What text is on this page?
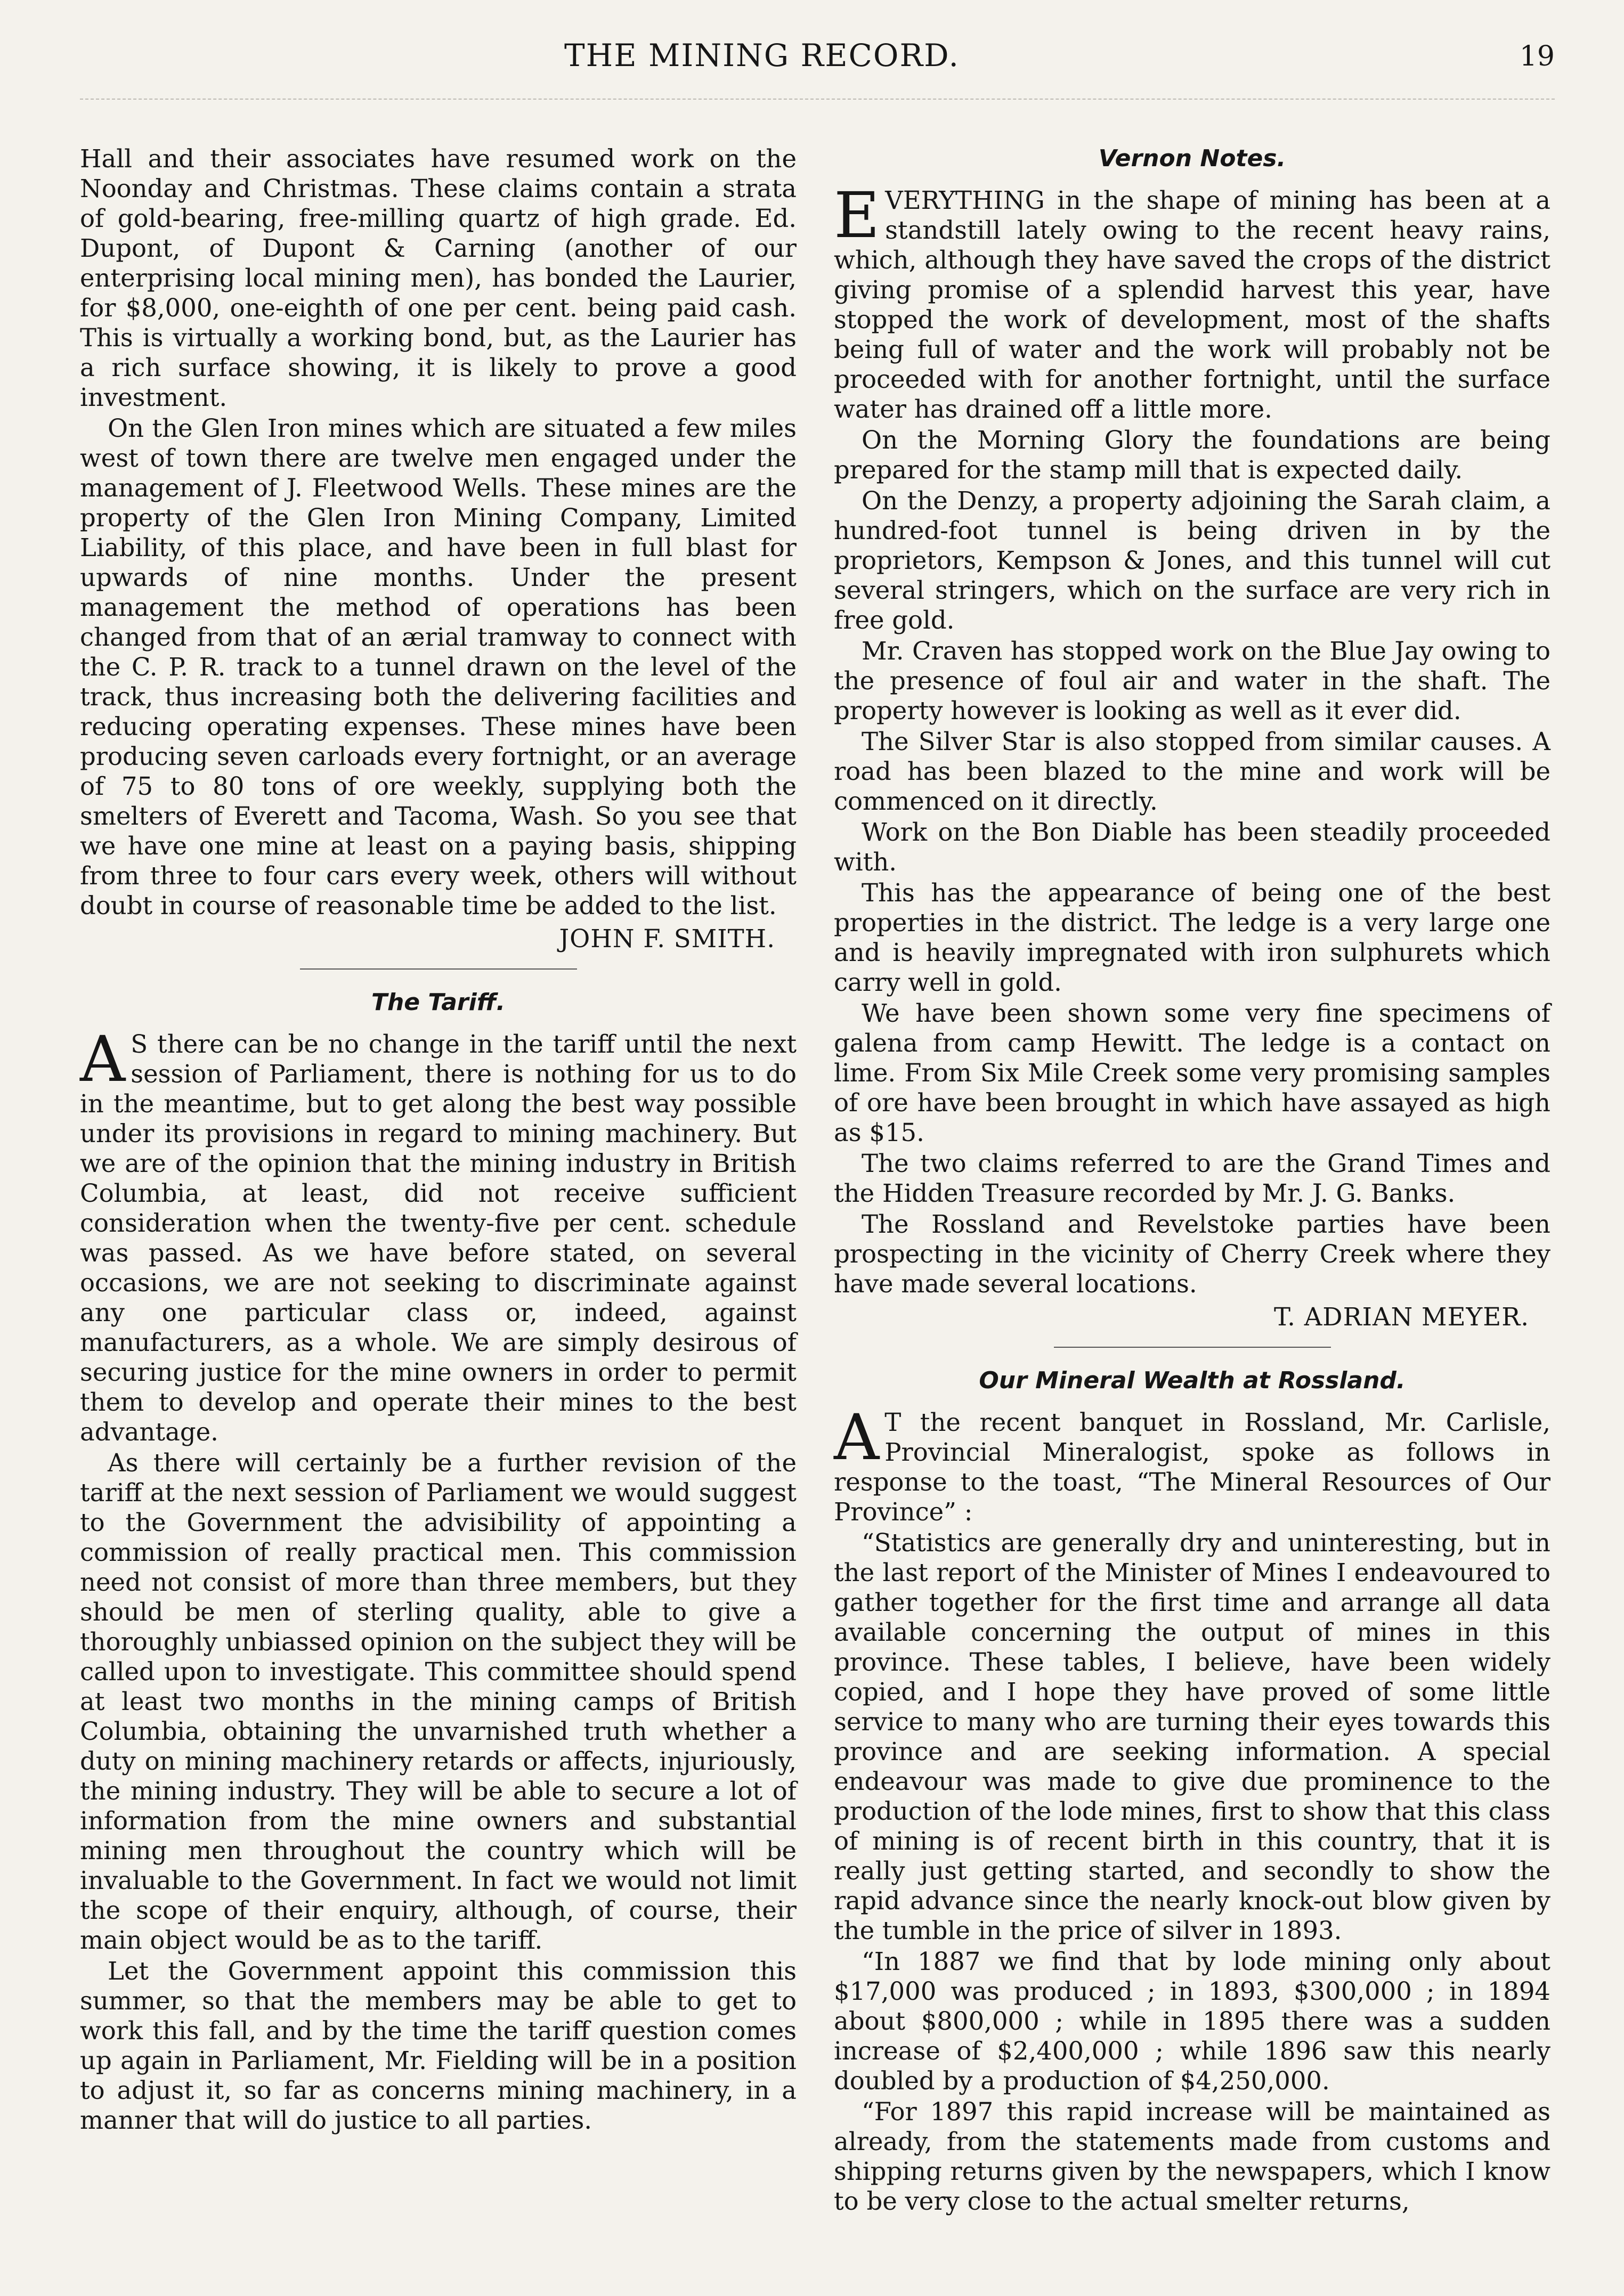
THE MINING RECORD.	19

Hall and their associates have resumed work on the Noonday and Christmas. These claims contain a strata of gold-bearing, free-milling quartz of high grade. Ed. Dupont, of Dupont & Carning (another of our enterprising local mining men), has bonded the Laurier, for $8,000, one-eighth of one per cent. being paid cash. This is virtually a working bond, but, as the Laurier has a rich surface showing, it is likely to prove a good investment.

On the Glen Iron mines which are situated a few miles west of town there are twelve men engaged under the management of J. Fleetwood Wells. These mines are the property of the Glen Iron Mining Company, Limited Liability, of this place, and have been in full blast for upwards of nine months. Under the present management the method of operations has been changed from that of an ærial tramway to connect with the C. P. R. track to a tunnel drawn on the level of the track, thus increasing both the delivering facilities and reducing operating expenses. These mines have been producing seven carloads every fortnight, or an average of 75 to 80 tons of ore weekly, supplying both the smelters of Everett and Tacoma, Wash. So you see that we have one mine at least on a paying basis, shipping from three to four cars every week, others will without doubt in course of reasonable time be added to the list.

JOHN F. SMITH.

The Tariff.

A S there can be no change in the tariff until the next session of Parliament, there is nothing for us to do in the meantime, but to get along the best way possible under its provisions in regard to mining machinery. But we are of the opinion that the mining industry in British Columbia, at least, did not receive sufficient consideration when the twenty-five per cent. schedule was passed. As we have before stated, on several occasions, we are not seeking to discriminate against any one particular class or, indeed, against manufacturers, as a whole. We are simply desirous of securing justice for the mine owners in order to permit them to develop and operate their mines to the best advantage.

As there will certainly be a further revision of the tariff at the next session of Parliament we would suggest to the Government the advisibility of appointing a commission of really practical men. This commission need not consist of more than three members, but they should be men of sterling quality, able to give a thoroughly unbiassed opinion on the subject they will be called upon to investigate. This committee should spend at least two months in the mining camps of British Columbia, obtaining the unvarnished truth whether a duty on mining machinery retards or affects, injuriously, the mining industry. They will be able to secure a lot of information from the mine owners and substantial mining men throughout the country which will be invaluable to the Government. In fact we would not limit the scope of their enquiry, although, of course, their main object would be as to the tariff.

Let the Government appoint this commission this summer, so that the members may be able to get to work this fall, and by the time the tariff question comes up again in Parliament, Mr. Fielding will be in a position to adjust it, so far as concerns mining machinery, in a manner that will do justice to all parties.

Vernon Notes.

EVERYTHING in the shape of mining has been at a standstill lately owing to the recent heavy rains, which, although they have saved the crops of the district giving promise of a splendid harvest this year, have stopped the work of development, most of the shafts being full of water and the work will probably not be proceeded with for another fortnight, until the surface water has drained off a little more.

On the Morning Glory the foundations are being prepared for the stamp mill that is expected daily.

On the Denzy, a property adjoining the Sarah claim, a hundred-foot tunnel is being driven in by the proprietors, Kempson & Jones, and this tunnel will cut several stringers, which on the surface are very rich in free gold.

Mr. Craven has stopped work on the Blue Jay owing to the presence of foul air and water in the shaft. The property however is looking as well as it ever did.

The Silver Star is also stopped from similar causes. A road has been blazed to the mine and work will be commenced on it directly.

Work on the Bon Diable has been steadily proceeded with.

This has the appearance of being one of the best properties in the district. The ledge is a very large one and is heavily impregnated with iron sulphurets which carry well in gold.

We have been shown some very fine specimens of galena from camp Hewitt. The ledge is a contact on lime. From Six Mile Creek some very promising samples of ore have been brought in which have assayed as high as $15.

The two claims referred to are the Grand Times and the Hidden Treasure recorded by Mr. J. G. Banks.

The Rossland and Revelstoke parties have been prospecting in the vicinity of Cherry Creek where they have made several locations.

T. ADRIAN MEYER.

Our Mineral Wealth at Rossland.

A T the recent banquet in Rossland, Mr. Carlisle, Provincial Mineralogist, spoke as follows in response to the toast, “The Mineral Resources of Our Province” :

“Statistics are generally dry and uninteresting, but in the last report of the Minister of Mines I endeavoured to gather together for the first time and arrange all data available concerning the output of mines in this province. These tables, I believe, have been widely copied, and I hope they have proved of some little service to many who are turning their eyes towards this province and are seeking information. A special endeavour was made to give due prominence to the production of the lode mines, first to show that this class of mining is of recent birth in this country, that it is really just getting started, and secondly to show the rapid advance since the nearly knock-out blow given by the tumble in the price of silver in 1893.

“In 1887 we find that by lode mining only about $17,000 was produced ; in 1893, $300,000 ; in 1894 about $800,000 ; while in 1895 there was a sudden increase of $2,400,000 ; while 1896 saw this nearly doubled by a production of $4,250,000.

“For 1897 this rapid increase will be maintained as already, from the statements made from customs and shipping returns given by the newspapers, which I know to be very close to the actual smelter returns,
